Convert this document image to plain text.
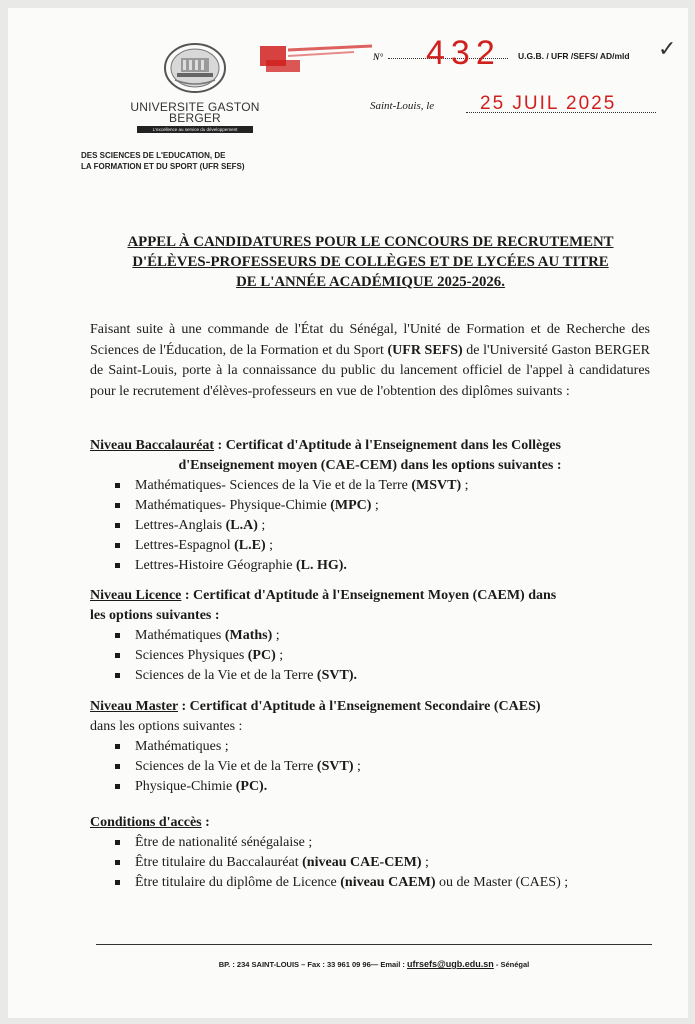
UNIVERSITE GASTON BERGER
L'excellence au service du développement
DES SCIENCES DE L'EDUCATION, DE
LA FORMATION ET DU SPORT (UFR SEFS)
N° 432 U.G.B. / UFR /SEFS/ AD/mld ✓
Saint-Louis, le 25 JUIL 2025
APPEL À CANDIDATURES POUR LE CONCOURS DE RECRUTEMENT
D'ÉLÈVES-PROFESSEURS DE COLLÈGES ET DE LYCÉES AU TITRE
DE L'ANNÉE ACADÉMIQUE 2025-2026.

Faisant suite à une commande de l'État du Sénégal, l'Unité de Formation et de Recherche des Sciences de l'Éducation, de la Formation et du Sport (UFR SEFS) de l'Université Gaston BERGER de Saint-Louis, porte à la connaissance du public du lancement officiel de l'appel à candidatures pour le recrutement d'élèves-professeurs en vue de l'obtention des diplômes suivants :

Niveau Baccalauréat : Certificat d'Aptitude à l'Enseignement dans les Collèges
d'Enseignement moyen (CAE-CEM) dans les options suivantes :
Mathématiques- Sciences de la Vie et de la Terre (MSVT) ;
Mathématiques- Physique-Chimie (MPC) ;
Lettres-Anglais (L.A) ;
Lettres-Espagnol (L.E) ;
Lettres-Histoire Géographie (L. HG).
Niveau Licence : Certificat d'Aptitude à l'Enseignement Moyen (CAEM) dans
les options suivantes :
Mathématiques (Maths) ;
Sciences Physiques (PC) ;
Sciences de la Vie et de la Terre (SVT).
Niveau Master : Certificat d'Aptitude à l'Enseignement Secondaire (CAES)
dans les options suivantes :
Mathématiques ;
Sciences de la Vie et de la Terre (SVT) ;
Physique-Chimie (PC).
Conditions d'accès :
Être de nationalité sénégalaise ;
Être titulaire du Baccalauréat (niveau CAE-CEM) ;
Être titulaire du diplôme de Licence (niveau CAEM) ou de Master (CAES) ;
BP. : 234 SAINT-LOUIS – Fax : 33 961 09 96— Email : ufrsefs@ugb.edu.sn - Sénégal
